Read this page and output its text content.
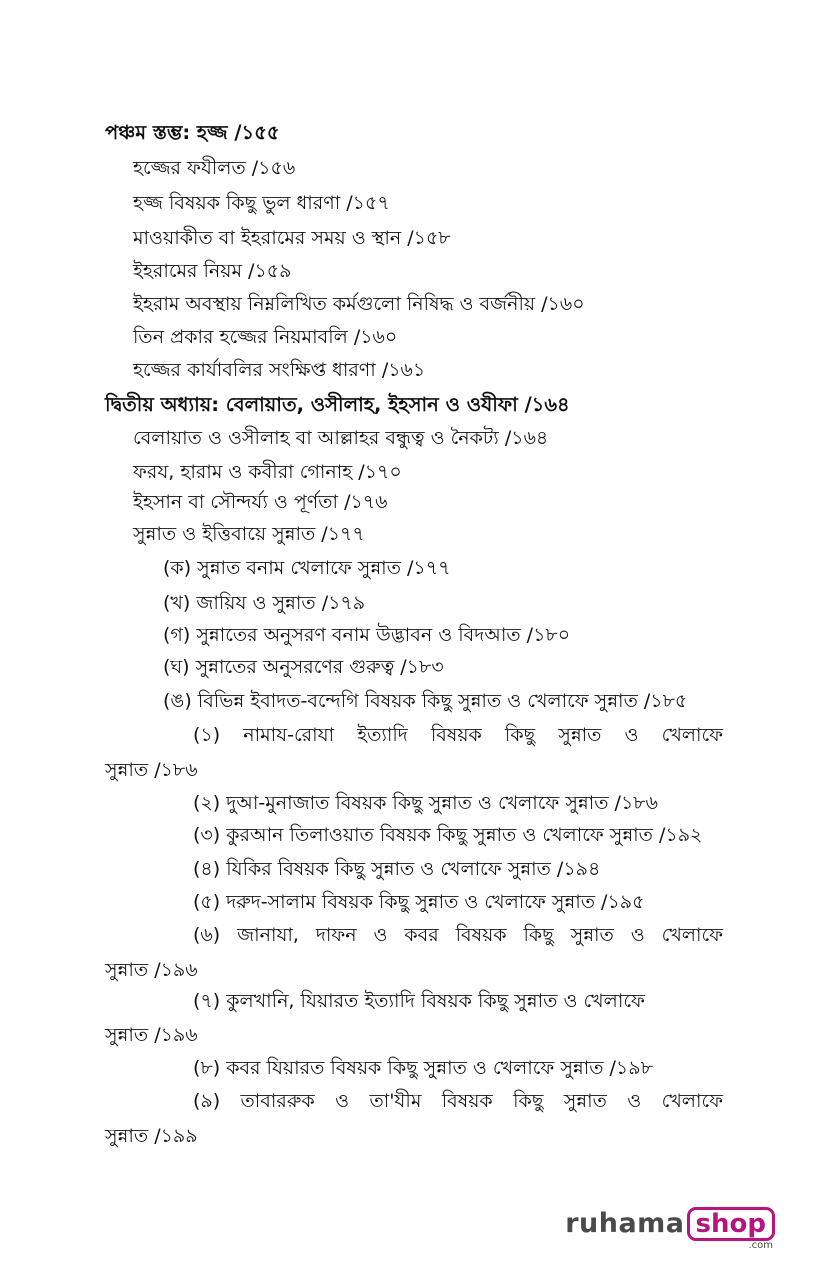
পঞ্চম স্তম্ভ: হজ্জ /১৫৫
হজ্জের ফযীলত /১৫৬
হজ্জ বিষয়ক কিছু ভুল ধারণা /১৫৭
মাওয়াকীত বা ইহরামের সময় ও স্থান /১৫৮
ইহরামের নিয়ম /১৫৯
ইহরাম অবস্থায় নিম্নলিখিত কর্মগুলো নিষিদ্ধ ও বর্জনীয় /১৬০
তিন প্রকার হজ্জের নিয়মাবলি /১৬০
হজ্জের কার্যাবলির সংক্ষিপ্ত ধারণা /১৬১
দ্বিতীয় অধ্যায়: বেলায়াত, ওসীলাহ, ইহসান ও ওযীফা /১৬৪
বেলায়াত ও ওসীলাহ বা আল্লাহর বন্ধুত্ব ও নৈকট্য /১৬৪
ফরয, হারাম ও কবীরা গোনাহ /১৭০
ইহসান বা সৌন্দর্য্য ও পূর্ণতা /১৭৬
সুন্নাত ও ইত্তিবায়ে সুন্নাত /১৭৭
(ক) সুন্নাত বনাম খেলাফে সুন্নাত /১৭৭
(খ) জায়িয ও সুন্নাত /১৭৯
(গ) সুন্নাতের অনুসরণ বনাম উদ্ভাবন ও বিদআত /১৮০
(ঘ) সুন্নাতের অনুসরণের গুরুত্ব /১৮৩
(ঙ) বিভিন্ন ইবাদত-বন্দেগি বিষয়ক কিছু সুন্নাত ও খেলাফে সুন্নাত /১৮৫
(১) নামায-রোযা ইত্যাদি বিষয়ক কিছু সুন্নাত ও খেলাফে
সুন্নাত /১৮৬
(২) দুআ-মুনাজাত বিষয়ক কিছু সুন্নাত ও খেলাফে সুন্নাত /১৮৬
(৩) কুরআন তিলাওয়াত বিষয়ক কিছু সুন্নাত ও খেলাফে সুন্নাত /১৯২
(৪) যিকির বিষয়ক কিছু সুন্নাত ও খেলাফে সুন্নাত /১৯৪
(৫) দরুদ-সালাম বিষয়ক কিছু সুন্নাত ও খেলাফে সুন্নাত /১৯৫
(৬) জানাযা, দাফন ও কবর বিষয়ক কিছু সুন্নাত ও খেলাফে
সুন্নাত /১৯৬
(৭) কুলখানি, যিয়ারত ইত্যাদি বিষয়ক কিছু সুন্নাত ও খেলাফে
সুন্নাত /১৯৬
(৮) কবর যিয়ারত বিষয়ক কিছু সুন্নাত ও খেলাফে সুন্নাত /১৯৮
(৯) তাবাররুক ও তা'যীম বিষয়ক কিছু সুন্নাত ও খেলাফে
সুন্নাত /১৯৯
ruhama shop
.com
